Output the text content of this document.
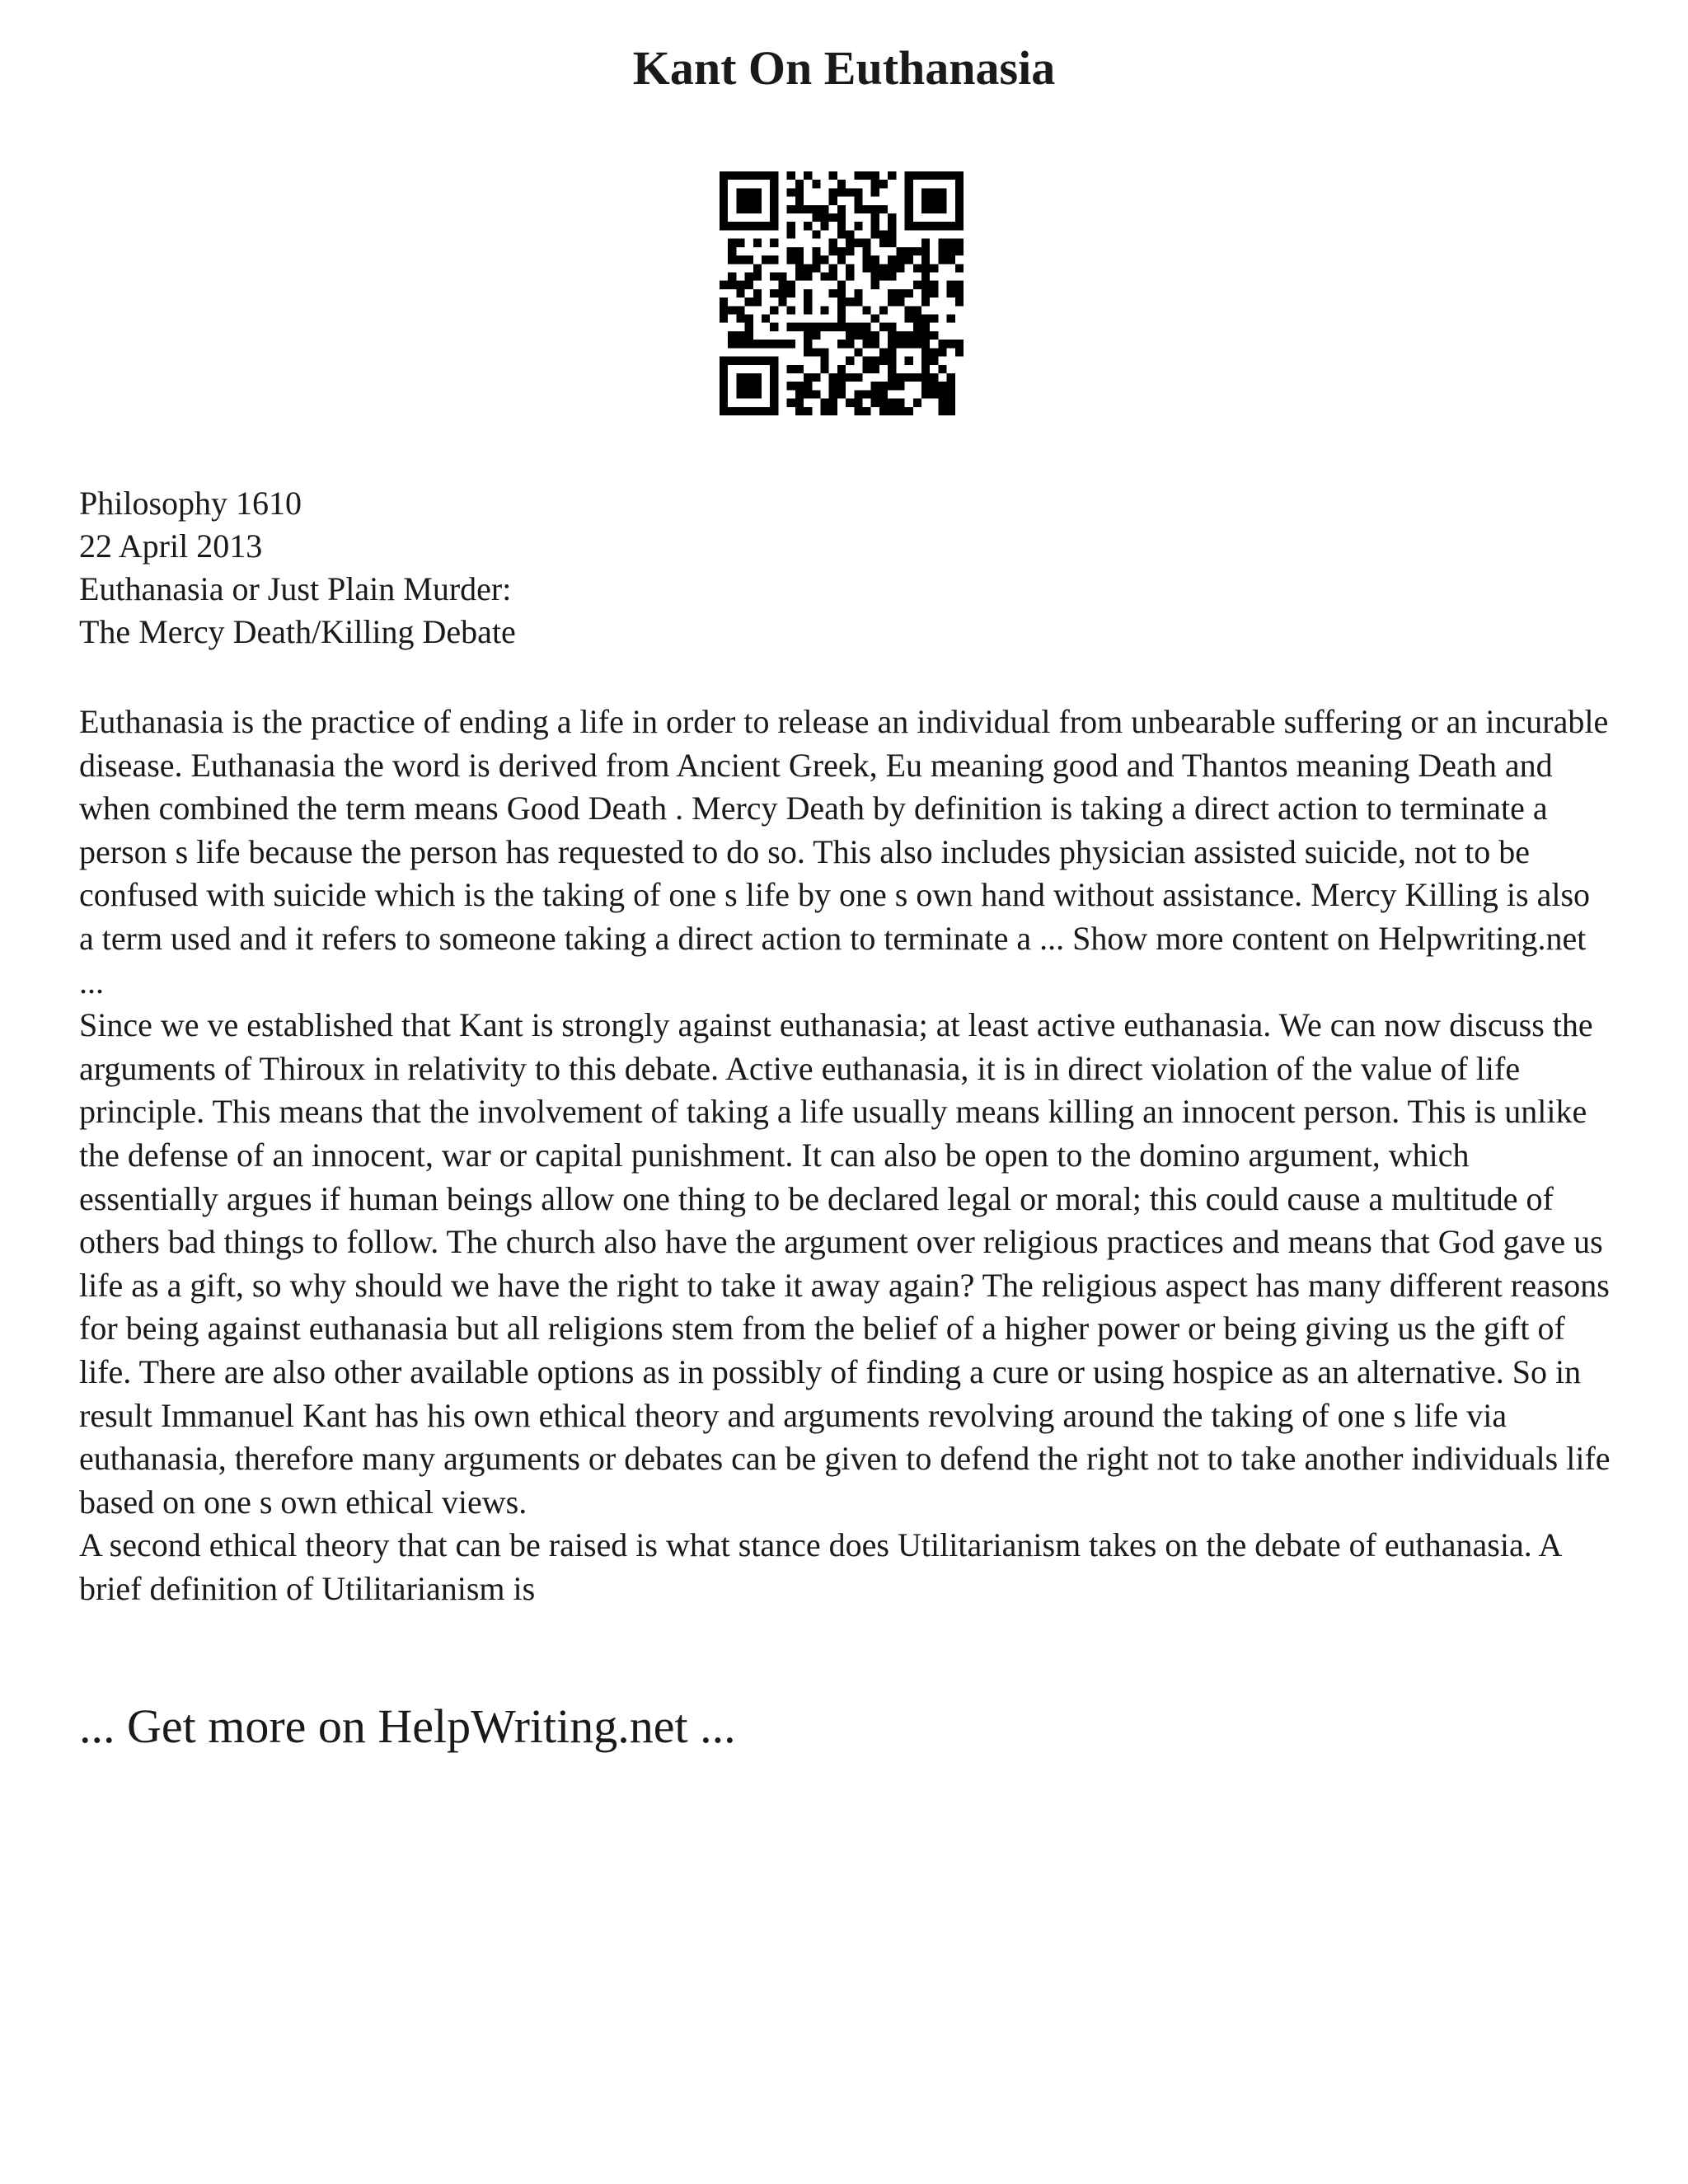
Kant On Euthanasia
Philosophy 1610
22 April 2013
Euthanasia or Just Plain Murder:
The Mercy Death/Killing Debate

Euthanasia is the practice of ending a life in order to release an individual from unbearable suffering or an incurable disease. Euthanasia the word is derived from Ancient Greek, Eu meaning good and Thantos meaning Death and when combined the term means Good Death . Mercy Death by definition is taking a direct action to terminate a person s life because the person has requested to do so. This also includes physician assisted suicide, not to be confused with suicide which is the taking of one s life by one s own hand without assistance. Mercy Killing is also a term used and it refers to someone taking a direct action to terminate a ... Show more content on Helpwriting.net ...

Since we ve established that Kant is strongly against euthanasia; at least active euthanasia. We can now discuss the arguments of Thiroux in relativity to this debate. Active euthanasia, it is in direct violation of the value of life principle. This means that the involvement of taking a life usually means killing an innocent person. This is unlike the defense of an innocent, war or capital punishment. It can also be open to the domino argument, which essentially argues if human beings allow one thing to be declared legal or moral; this could cause a multitude of others bad things to follow. The church also have the argument over religious practices and means that God gave us life as a gift, so why should we have the right to take it away again? The religious aspect has many different reasons for being against euthanasia but all religions stem from the belief of a higher power or being giving us the gift of life. There are also other available options as in possibly of finding a cure or using hospice as an alternative. So in result Immanuel Kant has his own ethical theory and arguments revolving around the taking of one s life via euthanasia, therefore many arguments or debates can be given to defend the right not to take another individuals life based on one s own ethical views.

A second ethical theory that can be raised is what stance does Utilitarianism takes on the debate of euthanasia. A brief definition of Utilitarianism is

... Get more on HelpWriting.net ...
